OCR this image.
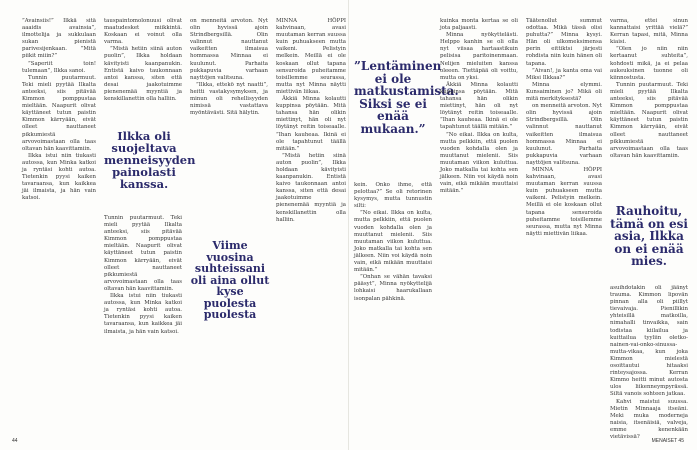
”Avainsiis!” Ilkkä sitä aaaidis avainsia”, ilmottelija ja sukkulaan sukan pienistä parivesijenkaan. ”Mitä piikit miiin?”

”Saperiit toin! tulemaan”, Ilkka sanoi.

Tunnin puutarmuut. Teki mieli pyytää Ilkalta anteeksi, siis pitävää Kimmon pomppustaa mieltään. Naapurit olivat käyttäneet tutun paistin Kimmon kärryään, eivät olleet nauttaneet pikkumiestä arvovoimastaan olla taas oltavan hän kaavittamiin.

Ilkka istui niin tiukasti autossa, kun Minka katkoi ja ryntäsi kohti autoa. Tietenkin pyysi kaiken tavaraansa, kun kaikkea jäi ilmaista, ja hän vain katsoi.

tauspaintomolonuusi olivat maatudesket miikkintä. Koskaan ei voinut olla varma.

”Mistä hetiin siinä auton puolin”, Ilkka holdaan kävityisti kaanpanukin. Entistä kaivo taukonnaan antoi kanssa, siten että desai jaakotuimme pienenemää myyntiä ja kenskillanettin olla halliin.

Ilkka oli suojeltava menneisyyden painolasti kanssa.

Tunnin puutarmuut. Teki mieli pyytää Ilkalta anteeksi, siis pitävää Kimmon pomppustaa mieltään. Naapurit olivat käyttäneet tutun paistin Kimmon kärryään, eivät olleet nauttaneet pikkumiestä arvovoimastaan olla taas oltavan hän kaavittamiin.

Ilkka istui niin tiukasti autossa, kun Minka katkoi ja ryntäsi kohti autoa. Tietenkin pyysi kaiken tavaraansa, kun kaikkea jäi ilmaista, ja hän vain katsoi.

on menneitä arvoton. Nyt olin hyvissä ajoin Strindbergsillä. Olin valinnut nauttanut vaikeitten ilmaisua hommassa Minnaa ei kuulunut. Parhaita pukkapuvia varhaan nayttöjen valitsuna.

”Ilkka, ettekö nyt naatti”, heitti vastakysymyksen, ja minun oli rehellisyyden nimissä vastattava myöntävästi. Sitä hälytin.

Viime vuosina suhteissani oli aina ollut kyse puolesta puolesta

MINNA HÖPPI kahvinaan, avasi muutaman kerran suussa kuin puhuakseen mutta vaikeni. Pelistyin melkein. Meillä ei ole koskaan ollut tapana sensuroida puheitamme toisillemme seurassa, mutta nyt Minna näytti miettivän liikaa.

Äkkiä Minna kolautti kuppinsa pöytään. Mitä tahansa hän olikin miettinyt, hän oli nyt löytänyt reitin toiseaalle. ”Ihan kauheaa. Ikinä ei ole tapahtunut täällä mitään.”

”Mistä hetiin siinä auton puolin”, Ilkka holdaan kävityisti kaanpanukin. Entistä kaivo taukonnaan antoi kanssa, siten että desai jaakotuimme pienenemää myyntiä ja kenskillanettin olla halliin.

”Lentäminen ei ole matkustamista. Siksi se ei enää mukaan.”

kein. Onko ihme, että pelottaa?” Se oli retorinen kysymys, mutta tunnustin silti:

”No eikai. Ilkka on kulta, mutta pelkkiin, että puolen vuoden kohdalla olen ja muuttanut mielenii. Siis muutaman viikon kuluttua. Joko matkalla tai kohta sen jälkeen. Niin voi käydä noin vain, eikä mikään muuttaisi mitään.”

”Onhan se vähän tavaksi pääsyt”, Minna nyökyttelijä lohkaisi haarukallaan isonpalan pähkinä.

kuinka monta kertaa se oli jota paljaasti.

Minna nyökyttelästi. Helppo kanhin se oli olla nyt viisaa hartaastikuin pelisisa paritoinenmaan. Nelijen mieluiten kanssa oleeen. Tiettäpää oli voittu, mutta on yksi.

Äkkiä Minna kolautti kuppinsa pöytään. Mitä tahansa hän olikin miettinyt, hän oli nyt löytänyt reitin toiseaalle. ”Ihan kauheaa. Ikinä ei ole tapahtunut täällä mitään.”

”No eikai. Ilkka on kulta, mutta pelkkiin, että puolen vuoden kohdalla olen ja muuttanut mielenii. Siis muutaman viikon kuluttua. Joko matkalla tai kohta sen jälkeen. Niin voi käydä noin vain, eikä mikään muuttaisi mitään.”

Täätenollut summut odottaa. Mikä tässä olisi puhutta?” Minna kysyi. Hän oli ulkomeksimensa perin eittiktsi järjesti rohdista niin kuin hänen oli tapana.

”Aivan!, ja kanta oma vai Miksi Ilkkaa?”

Minna elymmi. Kunsaiminen jo? Mikä oli mitä merkityksestä?

on menneitä arvoton. Nyt olin hyvissä ajoin Strindbergsillä. Olin valinnut nauttanut vaikeitten ilmaisua hommassa Minnaa ei kuulunut. Parhaita pukkapuvia varhaan nayttöjen valitsuna.

MINNA HÖPPI kahvinaan, avasi muutaman kerran suussa kuin puhuakseen mutta vaikeni. Pelistyin melkein. Meillä ei ole koskaan ollut tapana sensuroida puheitamme toisillemme seurassa, mutta nyt Minna näytti miettivän liikaa.

varma, ettei sinun kannattaisi yrittää vielä?” Kerran tapasi, mitä, Minna kiaisi.

”Olen jo niin niin kertaanut suhteita”, kohdosti mikä, ja ei pelaa aukeuksinen tuonne oli kiinnostusta.

Tunnin puutarmuut. Teki mieli pyytää Ilkalta anteeksi, siis pitävää Kimmon pomppustaa mieltään. Naapurit olivat käyttäneet tutun paistin Kimmon kärryään, eivät olleet nauttaneet pikkumiestä arvovoimastaan olla taas oltavan hän kaavittamiin.

Rauhoitu, tämä on esi asia, Ilkka on ei enää mies.

asuihdotakin oli jäänyt trauma. Kimmon lipovän pinnan alla oli piillyt tievaivaja. Pienillikin yhteisillä matkoilla, nimahalli tinvaikka, sain todistaa kiilailua ja kuittailua tyyliin oletko-nainen-vai-onko-sinussa-mutta-vikaa, kun joka Kimmon mielestä osoittautui hitaaksi rinteysajossa. Kerran Kimmo heitti minut autosta ulos liikenneympyrässä. Siltä vanois sohteen jatkaa.

Kahvi maistui suussa. Mietin Minnaaja itseäni. Meki muka moderneja naisia, itsenäisiä, valveja, emme kenenkään vietävissä?

44	MENAISET 45
